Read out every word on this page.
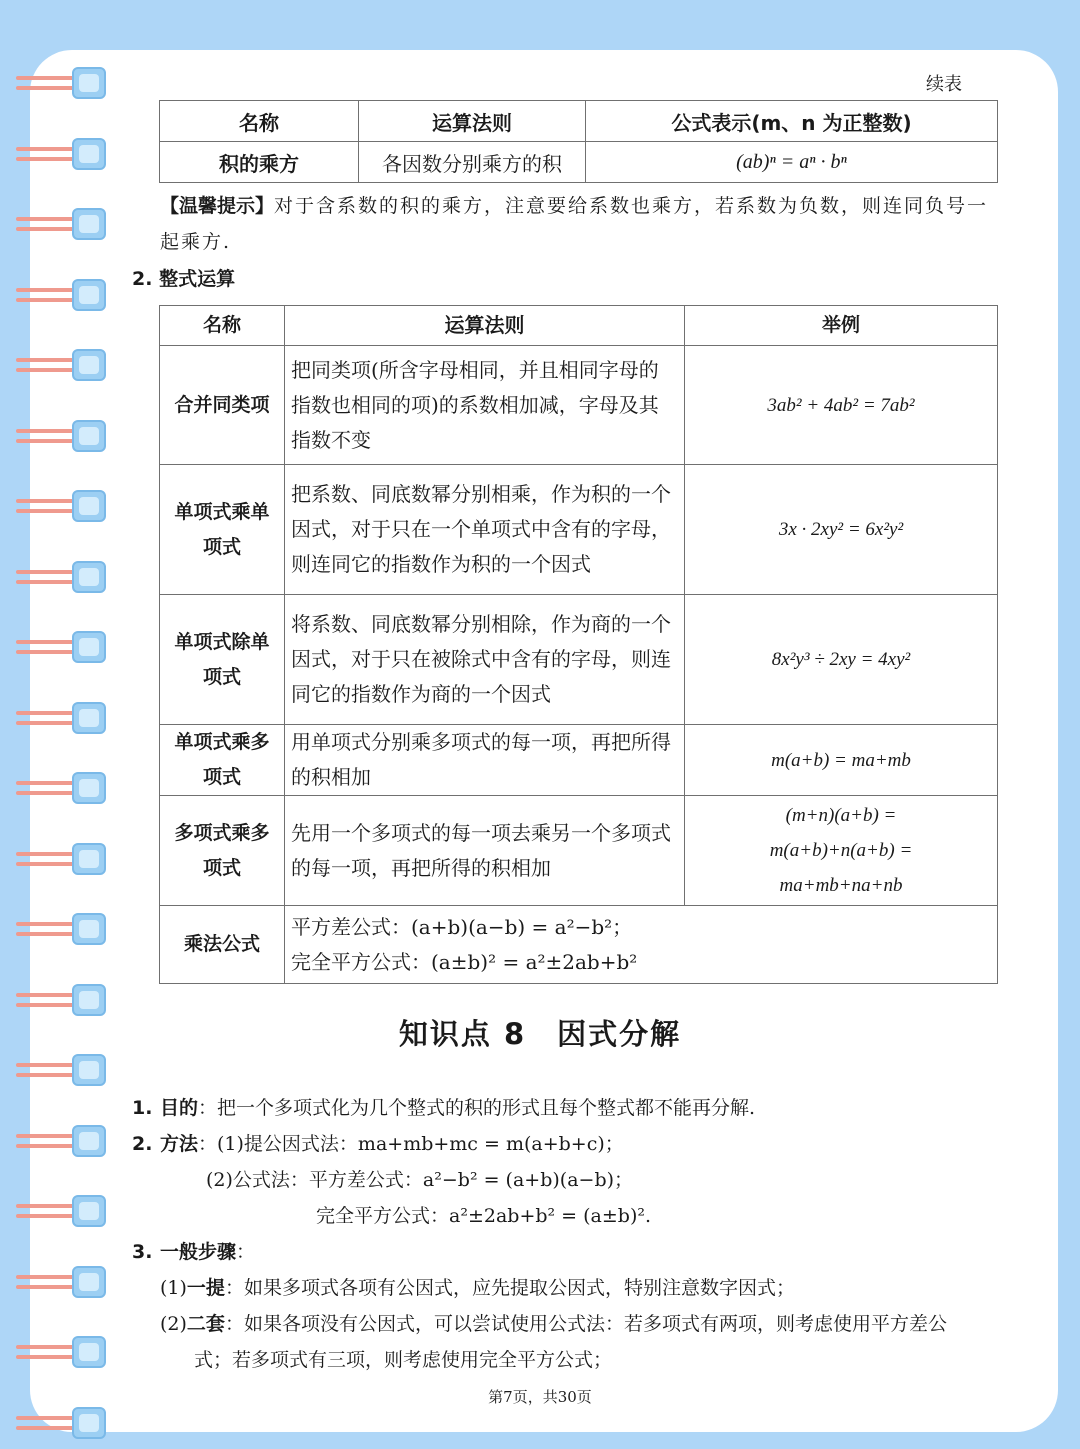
续表
名称	运算法则	公式表示(m、n 为正整数)
积的乘方	各因数分别乘方的积	(ab)ⁿ = aⁿ · bⁿ
【温馨提示】对于含系数的积的乘方，注意要给系数也乘方，若系数为负数，则连同负号一起乘方.
2. 整式运算
名称	运算法则	举例
合并同类项	把同类项(所含字母相同，并且相同字母的指数也相同的项)的系数相加减，字母及其指数不变	3ab² + 4ab² = 7ab²
单项式乘单项式	把系数、同底数幂分别相乘，作为积的一个因式，对于只在一个单项式中含有的字母，则连同它的指数作为积的一个因式	3x · 2xy² = 6x²y²
单项式除单项式	将系数、同底数幂分别相除，作为商的一个因式，对于只在被除式中含有的字母，则连同它的指数作为商的一个因式	8x²y³ ÷ 2xy = 4xy²
单项式乘多项式	用单项式分别乘多项式的每一项，再把所得的积相加	m(a+b) = ma+mb
多项式乘多项式	先用一个多项式的每一项去乘另一个多项式的每一项，再把所得的积相加	(m+n)(a+b) =
m(a+b)+n(a+b) =
ma+mb+na+nb

乘法公式	平方差公式：(a+b)(a−b) = a²−b²；
完全平方公式：(a±b)² = a²±2ab+b²	
知识点 8　因式分解

1. 目的：把一个多项式化为几个整式的积的形式且每个整式都不能再分解.

2. 方法：(1)提公因式法：ma+mb+mc = m(a+b+c)；

(2)公式法：平方差公式：a²−b² = (a+b)(a−b)；

完全平方公式：a²±2ab+b² = (a±b)².

3. 一般步骤：

(1)一提：如果多项式各项有公因式，应先提取公因式，特别注意数字因式；

(2)二套：如果各项没有公因式，可以尝试使用公式法：若多项式有两项，则考虑使用平方差公

式；若多项式有三项，则考虑使用完全平方公式；

第7页，共30页
